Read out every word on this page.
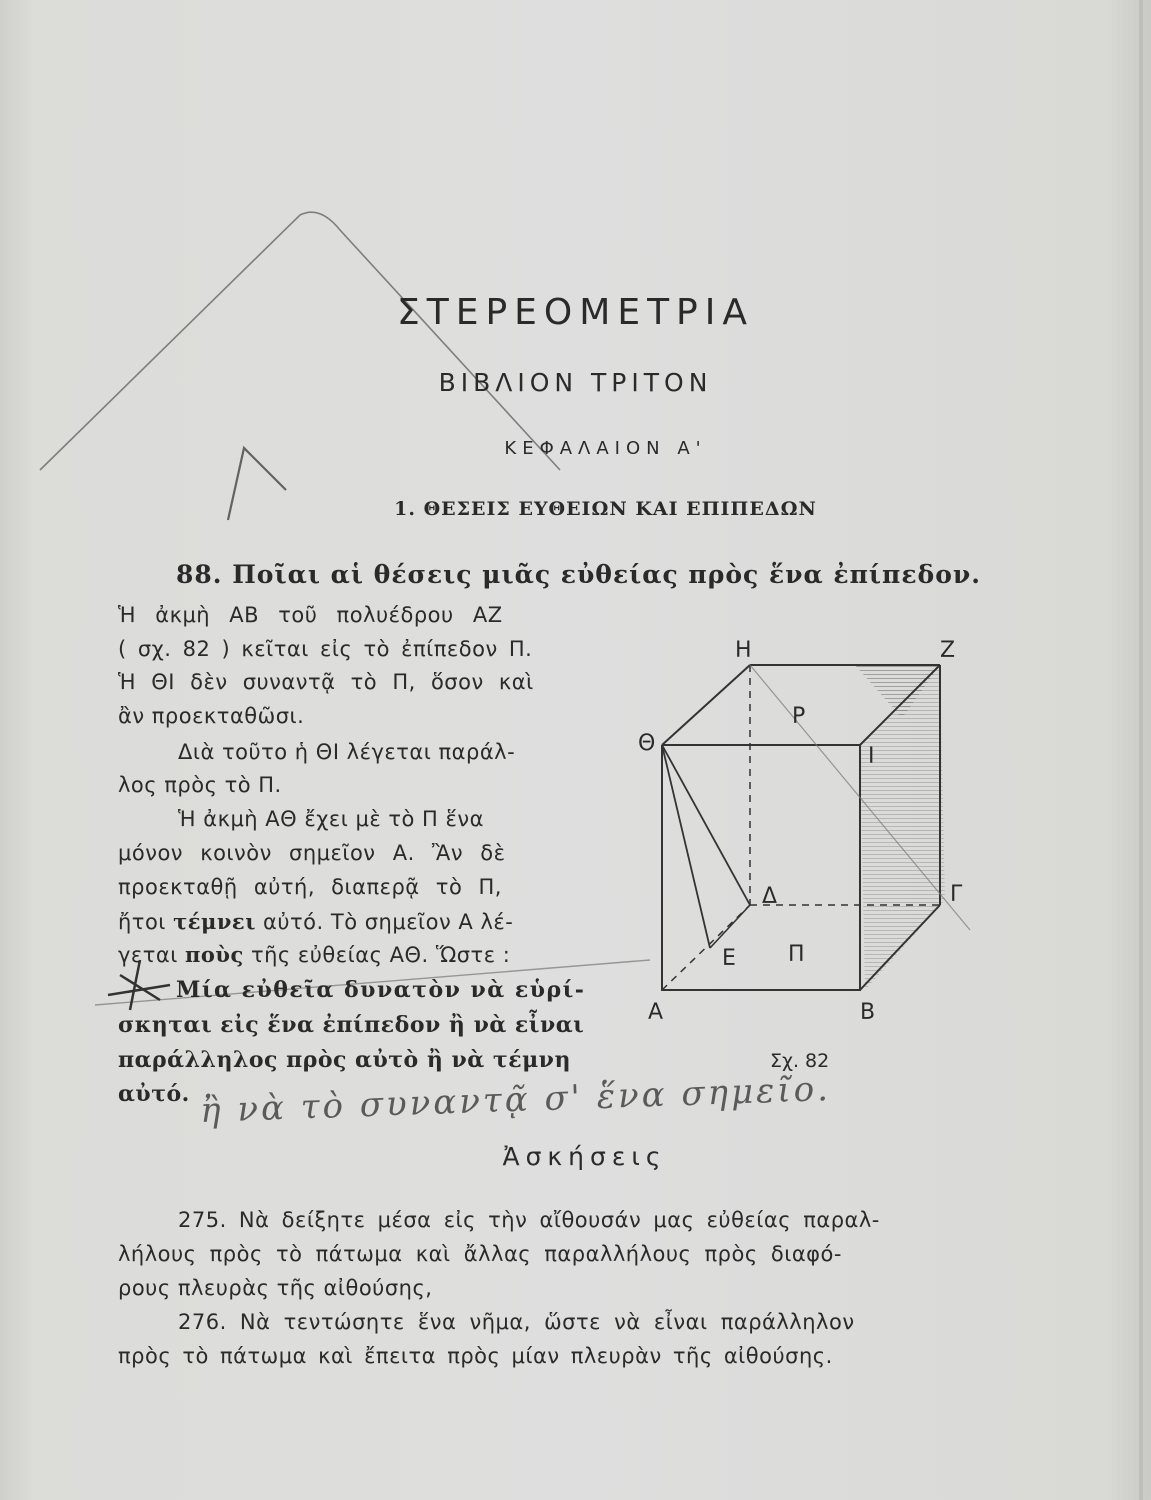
ΣΤΕΡΕΟΜΕΤΡΙΑ
ΒΙΒΛΙΟΝ ΤΡΙΤΟΝ
ΚΕΦΑΛΑΙΟΝ Α'
1. ΘΕΣΕΙΣ ΕΥΘΕΙΩΝ ΚΑΙ ΕΠΙΠΕΔΩΝ
88. Ποῖαι αἱ θέσεις μιᾶς εὐθείας πρὸς ἕνα ἐπίπεδον.
Ἡ ἀκμὴ ΑΒ τοῦ πολυέδρου ΑΖ
( σχ. 82 ) κεῖται εἰς τὸ ἐπίπεδον Π.
Ἡ ΘΙ δὲν συναντᾷ τὸ Π, ὅσον καὶ
ἂν προεκταθῶσι.
Διὰ τοῦτο ἡ ΘΙ λέγεται παράλ-
λος πρὸς τὸ Π.
Ἡ ἀκμὴ ΑΘ ἔχει μὲ τὸ Π ἕνα
μόνον κοινὸν σημεῖον Α. Ἂν δὲ
προεκταθῇ αὐτή, διαπερᾷ τὸ Π,
ἤτοι τέμνει αὐτό. Τὸ σημεῖον Α λέ-
γεται ποὺς τῆς εὐθείας ΑΘ. Ὥστε :
Μία εὐθεῖα δυνατὸν νὰ εὑρί-
σκηται εἰς ἕνα ἐπίπεδον ἢ νὰ εἶναι
παράλληλος πρὸς αὐτὸ ἢ νὰ τέμνη
αὐτό. ἢ νὰ τὸ συναντᾷ σ' ἕνα σημεῖο.
Η	Ζ
Ρ
Ι
Θ
Δ	Γ
Ε Π
Α	Β
Σχ. 82
Ἀσκήσεις
275. Νὰ δείξητε μέσα εἰς τὴν αἴθουσάν μας εὐθείας παραλ-
λήλους πρὸς τὸ πάτωμα καὶ ἄλλας παραλλήλους πρὸς διαφό-
ρους πλευρὰς τῆς αἰθούσης,
276. Νὰ τεντώσητε ἕνα νῆμα, ὥστε νὰ εἶναι παράλληλον
πρὸς τὸ πάτωμα καὶ ἔπειτα πρὸς μίαν πλευρὰν τῆς αἰθούσης.
